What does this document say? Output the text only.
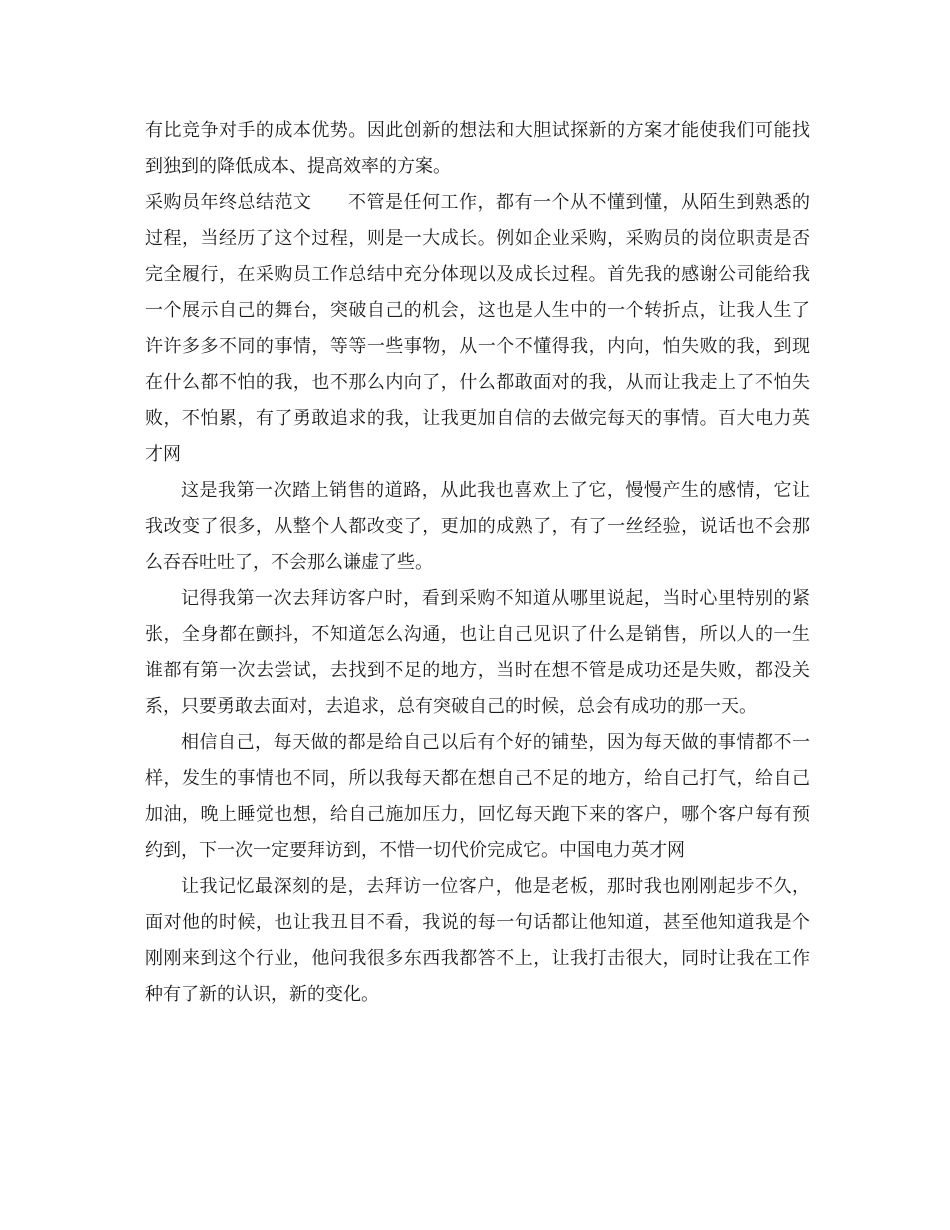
有比竞争对手的成本优势。因此创新的想法和大胆试探新的方案才能使我们可能找到独到的降低成本、提高效率的方案。

采购员年终总结范文 不管是任何工作，都有一个从不懂到懂，从陌生到熟悉的过程，当经历了这个过程，则是一大成长。例如企业采购，采购员的岗位职责是否完全履行，在采购员工作总结中充分体现以及成长过程。首先我的感谢公司能给我一个展示自己的舞台，突破自己的机会，这也是人生中的一个转折点，让我人生了许许多多不同的事情，等等一些事物，从一个不懂得我，内向，怕失败的我，到现在什么都不怕的我，也不那么内向了，什么都敢面对的我，从而让我走上了不怕失败，不怕累，有了勇敢追求的我，让我更加自信的去做完每天的事情。百大电力英才网

这是我第一次踏上销售的道路，从此我也喜欢上了它，慢慢产生的感情，它让我改变了很多，从整个人都改变了，更加的成熟了，有了一丝经验，说话也不会那么吞吞吐吐了，不会那么谦虚了些。

记得我第一次去拜访客户时，看到采购不知道从哪里说起，当时心里特别的紧张，全身都在颤抖，不知道怎么沟通，也让自己见识了什么是销售，所以人的一生谁都有第一次去尝试，去找到不足的地方，当时在想不管是成功还是失败，都没关系，只要勇敢去面对，去追求，总有突破自己的时候，总会有成功的那一天。

相信自己，每天做的都是给自己以后有个好的铺垫，因为每天做的事情都不一样，发生的事情也不同，所以我每天都在想自己不足的地方，给自己打气，给自己加油，晚上睡觉也想，给自己施加压力，回忆每天跑下来的客户，哪个客户每有预约到，下一次一定要拜访到，不惜一切代价完成它。中国电力英才网

让我记忆最深刻的是，去拜访一位客户，他是老板，那时我也刚刚起步不久，面对他的时候，也让我丑目不看，我说的每一句话都让他知道，甚至他知道我是个刚刚来到这个行业，他问我很多东西我都答不上，让我打击很大，同时让我在工作种有了新的认识，新的变化。
